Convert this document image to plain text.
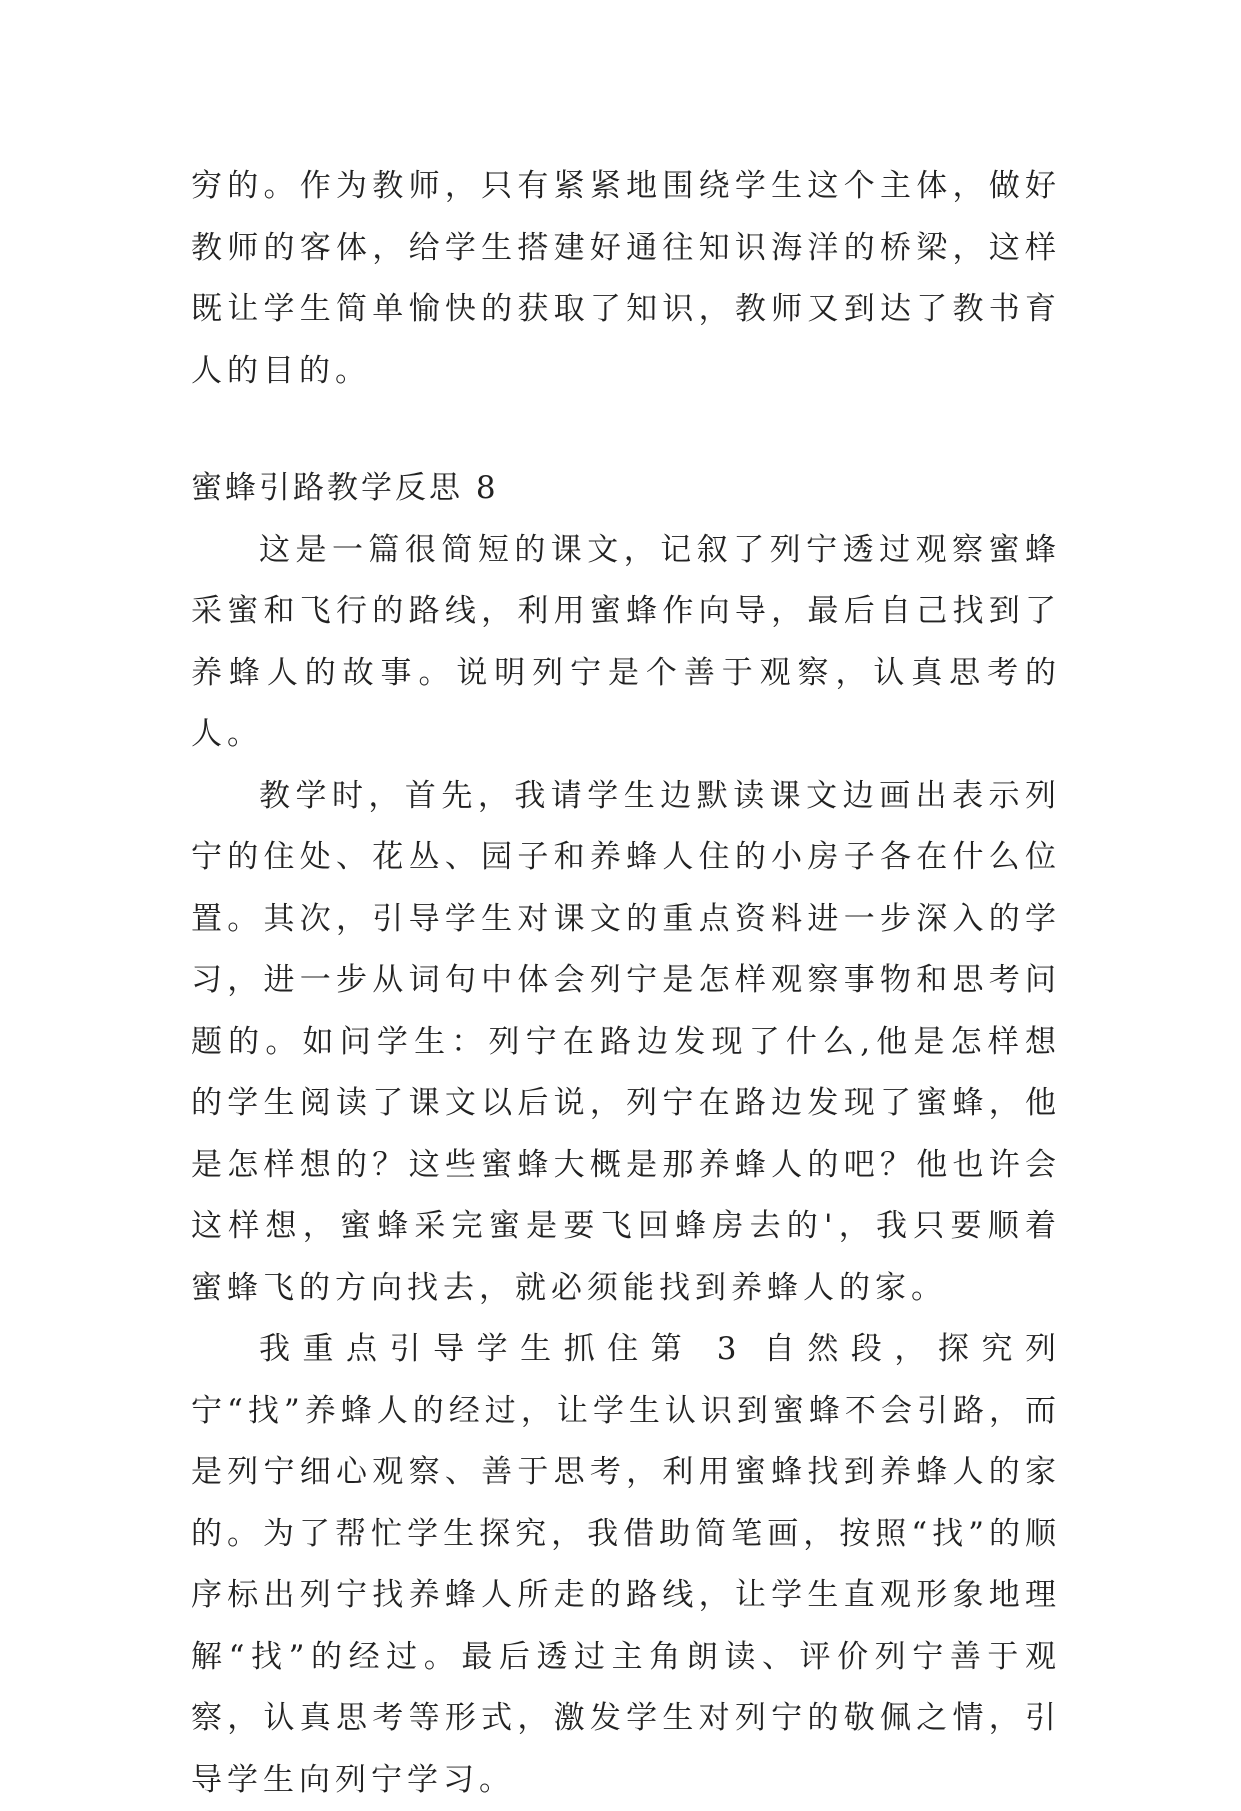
穷的。作为教师，只有紧紧地围绕学生这个主体，做好教师的客体，给学生搭建好通往知识海洋的桥梁，这样既让学生简单愉快的获取了知识，教师又到达了教书育人的目的。

蜜蜂引路教学反思 8

这是一篇很简短的课文，记叙了列宁透过观察蜜蜂采蜜和飞行的路线，利用蜜蜂作向导，最后自己找到了养蜂人的故事。说明列宁是个善于观察，认真思考的人。

教学时，首先，我请学生边默读课文边画出表示列宁的住处、花丛、园子和养蜂人住的小房子各在什么位置。其次，引导学生对课文的重点资料进一步深入的学习，进一步从词句中体会列宁是怎样观察事物和思考问题的。如问学生：列宁在路边发现了什么,他是怎样想的学生阅读了课文以后说，列宁在路边发现了蜜蜂，他是怎样想的？这些蜜蜂大概是那养蜂人的吧？他也许会这样想，蜜蜂采完蜜是要飞回蜂房去的'，我只要顺着蜜蜂飞的方向找去，就必须能找到养蜂人的家。

我重点引导学生抓住第 3 自然段，探究列宁“找”养蜂人的经过，让学生认识到蜜蜂不会引路，而是列宁细心观察、善于思考，利用蜜蜂找到养蜂人的家的。为了帮忙学生探究，我借助简笔画，按照“找”的顺序标出列宁找养蜂人所走的路线，让学生直观形象地理解“找”的经过。最后透过主角朗读、评价列宁善于观察，认真思考等形式，激发学生对列宁的敬佩之情，引导学生向列宁学习。
